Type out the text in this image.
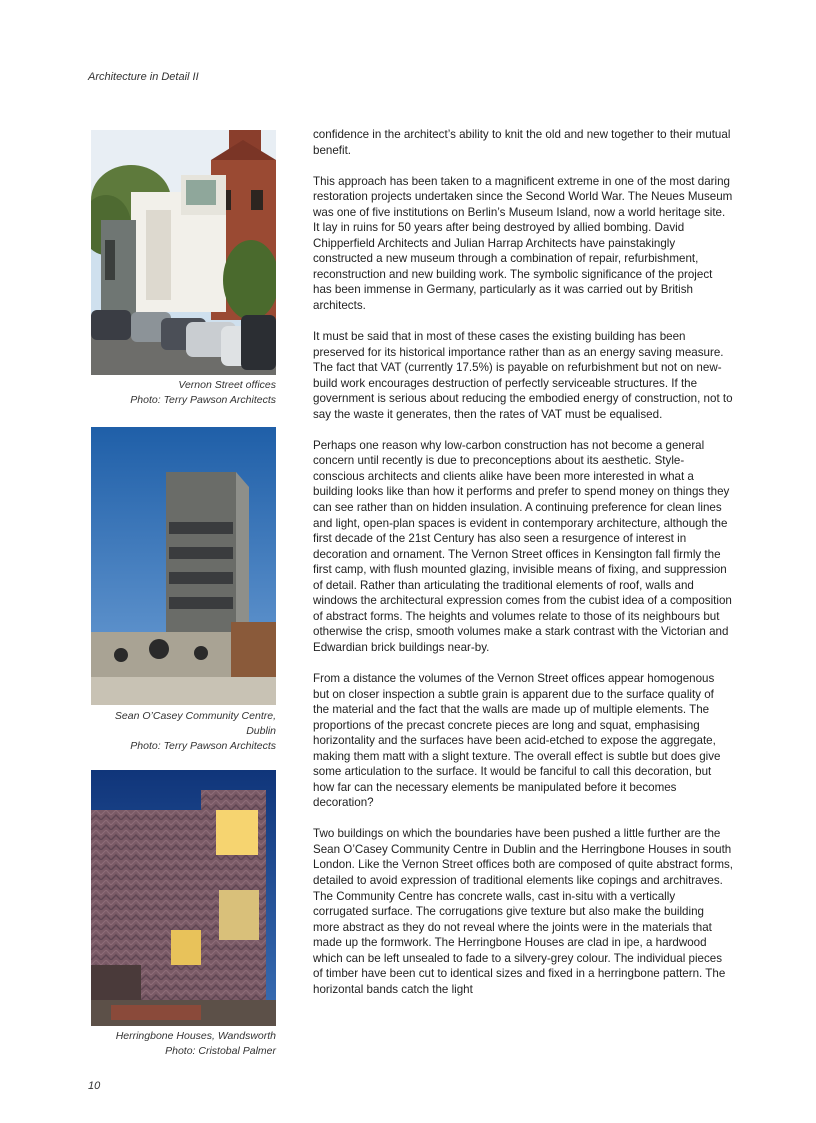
Architecture in Detail II
Vernon Street offices
Photo: Terry Pawson Architects
Sean O’Casey Community Centre,
Dublin
Photo: Terry Pawson Architects
Herringbone Houses, Wandsworth
Photo: Cristobal Palmer

confidence in the architect’s ability to knit the old and new together to their mutual benefit.

This approach has been taken to a magnificent extreme in one of the most daring restoration projects undertaken since the Second World War. The Neues Museum was one of five institutions on Berlin’s Museum Island, now a world heritage site. It lay in ruins for 50 years after being destroyed by allied bombing. David Chipperfield Architects and Julian Harrap Architects have painstakingly constructed a new museum through a combination of repair, refurbishment, reconstruction and new building work. The symbolic significance of the project has been immense in Germany, particularly as it was carried out by British architects.

It must be said that in most of these cases the existing building has been preserved for its historical importance rather than as an energy saving measure. The fact that VAT (currently 17.5%) is payable on refurbishment but not on new-build work encourages destruction of perfectly serviceable structures. If the government is serious about reducing the embodied energy of construction, not to say the waste it generates, then the rates of VAT must be equalised.

Perhaps one reason why low-carbon construction has not become a general concern until recently is due to preconceptions about its aesthetic. Style-conscious architects and clients alike have been more interested in what a building looks like than how it performs and prefer to spend money on things they can see rather than on hidden insulation. A continuing preference for clean lines and light, open-plan spaces is evident in contemporary architecture, although the first decade of the 21st Century has also seen a resurgence of interest in decoration and ornament. The Vernon Street offices in Kensington fall firmly the first camp, with flush mounted glazing, invisible means of fixing, and suppression of detail. Rather than articulating the traditional elements of roof, walls and windows the architectural expression comes from the cubist idea of a composition of abstract forms. The heights and volumes relate to those of its neighbours but otherwise the crisp, smooth volumes make a stark contrast with the Victorian and Edwardian brick buildings near-by.

From a distance the volumes of the Vernon Street offices appear homogenous but on closer inspection a subtle grain is apparent due to the surface quality of the material and the fact that the walls are made up of multiple elements. The proportions of the precast concrete pieces are long and squat, emphasising horizontality and the surfaces have been acid-etched to expose the aggregate, making them matt with a slight texture. The overall effect is subtle but does give some articulation to the surface. It would be fanciful to call this decoration, but how far can the necessary elements be manipulated before it becomes decoration?

Two buildings on which the boundaries have been pushed a little further are the Sean O’Casey Community Centre in Dublin and the Herringbone Houses in south London. Like the Vernon Street offices both are composed of quite abstract forms, detailed to avoid expression of traditional elements like copings and architraves. The Community Centre has concrete walls, cast in-situ with a vertically corrugated surface. The corrugations give texture but also make the building more abstract as they do not reveal where the joints were in the materials that made up the formwork. The Herringbone Houses are clad in ipe, a hardwood which can be left unsealed to fade to a silvery-grey colour. The individual pieces of timber have been cut to identical sizes and fixed in a herringbone pattern. The horizontal bands catch the light

10
